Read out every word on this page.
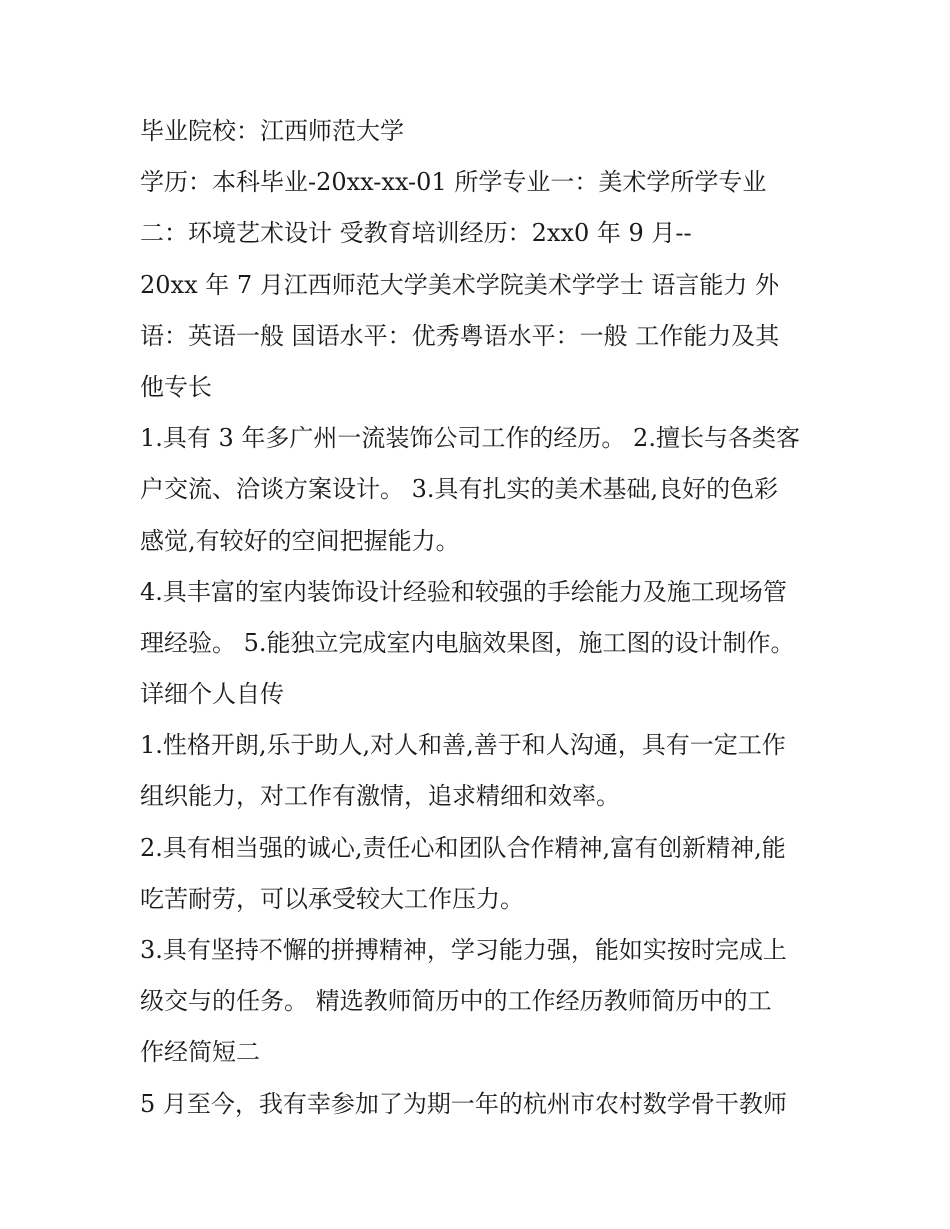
毕业院校：江西师范大学
学历：本科毕业-20xx-xx-01 所学专业一：美术学所学专业
二：环境艺术设计 受教育培训经历：2xx0 年 9 月--
20xx 年 7 月江西师范大学美术学院美术学学士 语言能力 外
语：英语一般 国语水平：优秀粤语水平：一般 工作能力及其
他专长
1.具有 3 年多广州一流装饰公司工作的经历。 2.擅长与各类客
户交流、洽谈方案设计。 3.具有扎实的美术基础,良好的色彩
感觉,有较好的空间把握能力。
4.具丰富的室内装饰设计经验和较强的手绘能力及施工现场管
理经验。 5.能独立完成室内电脑效果图，施工图的设计制作。
详细个人自传
1.性格开朗,乐于助人,对人和善,善于和人沟通，具有一定工作
组织能力，对工作有激情，追求精细和效率。
2.具有相当强的诚心,责任心和团队合作精神,富有创新精神,能
吃苦耐劳，可以承受较大工作压力。
3.具有坚持不懈的拼搏精神，学习能力强，能如实按时完成上
级交与的任务。 精选教师简历中的工作经历教师简历中的工
作经简短二
5 月至今，我有幸参加了为期一年的杭州市农村数学骨干教师
